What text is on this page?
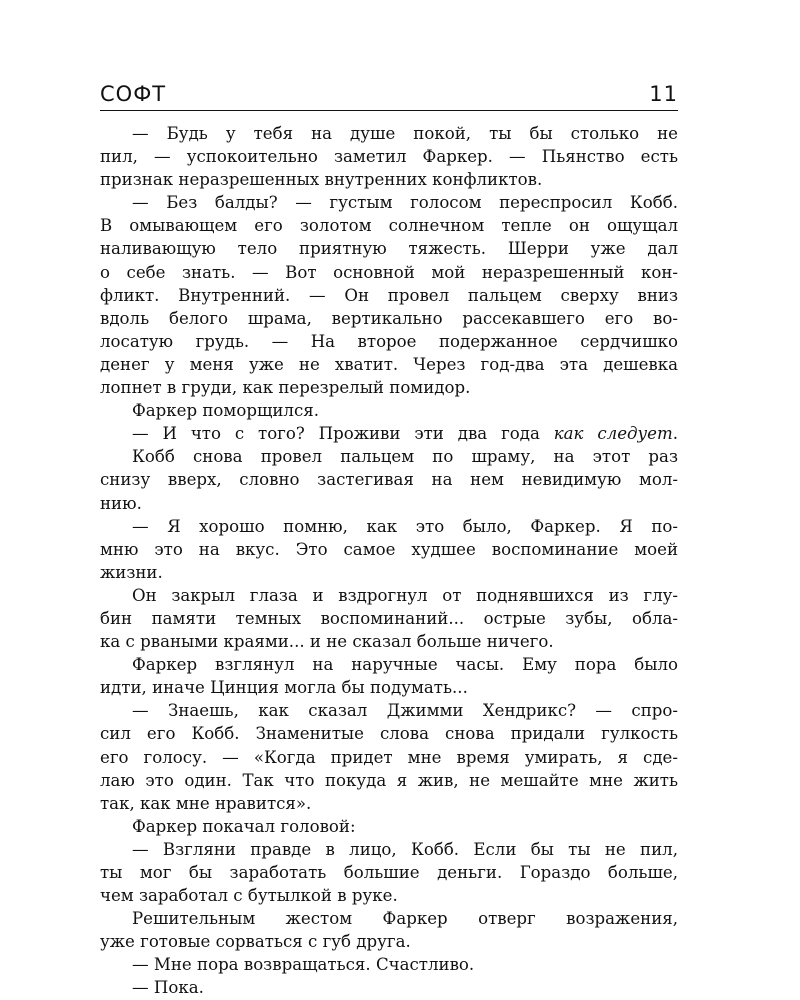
СОФТ	11
— Будь у тебя на душе покой, ты бы столько не
пил, — успокоительно заметил Фаркер. — Пьянство есть
признак неразрешенных внутренних конфликтов.
— Без балды? — густым голосом переспросил Кобб.
В омывающем его золотом солнечном тепле он ощущал
наливающую тело приятную тяжесть. Шерри уже дал
о себе знать. — Вот основной мой неразрешенный кон-
фликт. Внутренний. — Он провел пальцем сверху вниз
вдоль белого шрама, вертикально рассекавшего его во-
лосатую грудь. — На второе подержанное сердчишко
денег у меня уже не хватит. Через год-два эта дешевка
лопнет в груди, как перезрелый помидор.
Фаркер поморщился.
— И что с того? Проживи эти два года как следует.
Кобб снова провел пальцем по шраму, на этот раз
снизу вверх, словно застегивая на нем невидимую мол-
нию.
— Я хорошо помню, как это было, Фаркер. Я по-
мню это на вкус. Это самое худшее воспоминание моей
жизни.
Он закрыл глаза и вздрогнул от поднявшихся из глу-
бин памяти темных воспоминаний... острые зубы, обла-
ка с рваными краями... и не сказал больше ничего.
Фаркер взглянул на наручные часы. Ему пора было
идти, иначе Цинция могла бы подумать...
— Знаешь, как сказал Джимми Хендрикс? — спро-
сил его Кобб. Знаменитые слова снова придали гулкость
его голосу. — «Когда придет мне время умирать, я сде-
лаю это один. Так что покуда я жив, не мешайте мне жить
так, как мне нравится».
Фаркер покачал головой:
— Взгляни правде в лицо, Кобб. Если бы ты не пил,
ты мог бы заработать большие деньги. Гораздо больше,
чем заработал с бутылкой в руке.
Решительным жестом Фаркер отверг возражения,
уже готовые сорваться с губ друга.
— Мне пора возвращаться. Счастливо.
— Пока.
